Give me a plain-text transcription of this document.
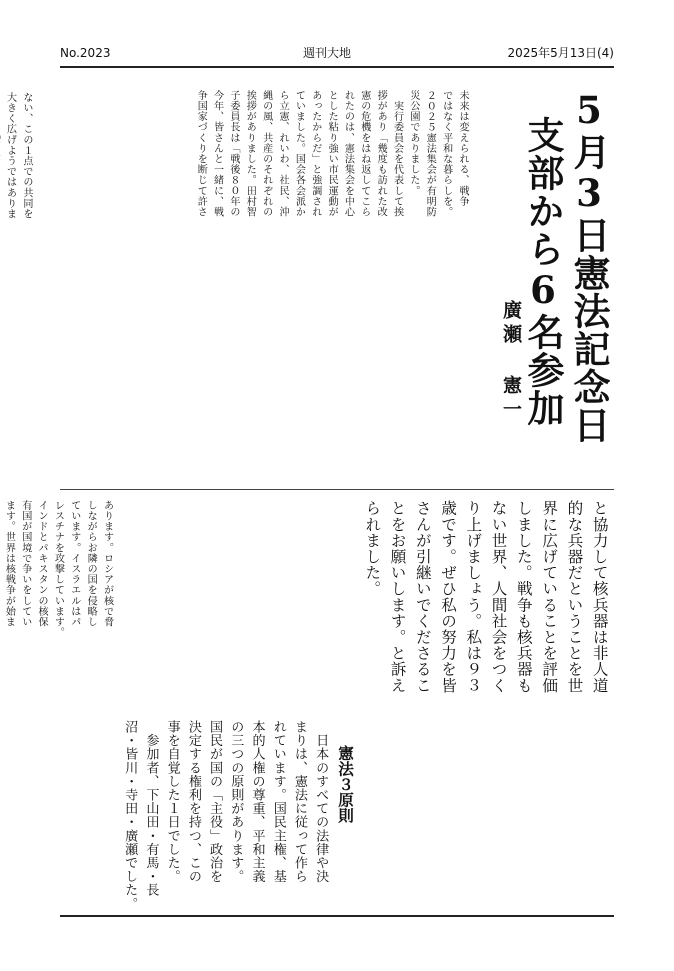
No.2023	週刊大地	2025年5月13日(4)
5月3日憲法記念日
支部から6名参加
廣瀬 憲一
未来は変えられる、戦争
ではなく平和な暮らしを。
２０２５憲法集会が有明防
災公園でありました。
　実行委員会を代表して挨
拶があり「幾度も訪れた改
憲の危機をはね返してこら
れたのは、憲法集会を中心
とした粘り強い市民運動が
あったからだ」と強調され
ていました。国会各会派か
ら立憲、れいわ、社民、沖
縄の風、共産のそれぞれの
挨拶がありました。田村智
子委員長は「戦後８０年の
今年、皆さんと一緒に、戦
争国家づくりを断じて許さ
ない、この１点での共同を
大きく広げようではありま

あります。ロシアが核で脅
しながらお隣の国を侵略し
ています。イスラエルはパ
レスチナを攻撃しています。
インドとパキスタンの核保
有国が国境で争いをしてい
ます。世界は核戦争が始ま

　	と協力して核兵器は非人道
的な兵器だということを世
界に広げていることを評価
しました。戦争も核兵器も
ない世界、人間社会をつく
り上げましょう。私は９３
歳です。ぜひ私の努力を皆
さんが引継いでくださるこ
とをお願いします。と訴え
られました。
憲法３原則
　日本のすべての法律や決
まりは、憲法に従って作ら
れています。国民主権、基
本的人権の尊重、平和主義
の三つの原則があります。
国民が国の「主役」政治を
決定する権利を持つ、この
事を自覚した１日でした。
　参加者、下山田・有馬・長
沼・皆川・寺田・廣瀬でした。
